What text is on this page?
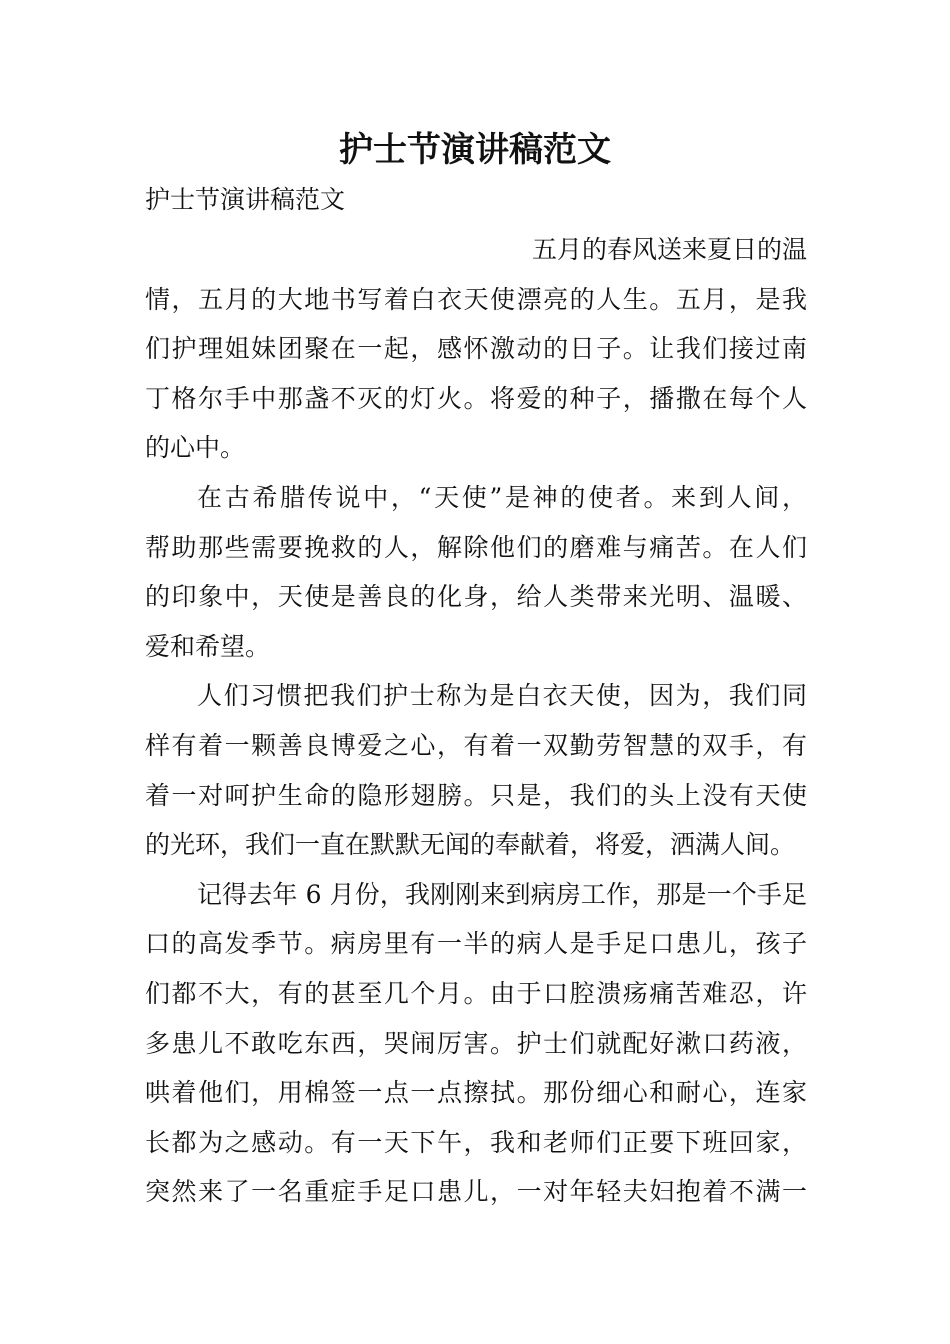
护士节演讲稿范文

护士节演讲稿范文

五月的春风送来夏日的温
情，五月的大地书写着白衣天使漂亮的人生。五月，是我
们护理姐妹团聚在一起，感怀激动的日子。让我们接过南
丁格尔手中那盏不灭的灯火。将爱的种子，播撒在每个人
的心中。
在古希腊传说中，“天使”是神的使者。来到人间，
帮助那些需要挽救的人，解除他们的磨难与痛苦。在人们
的印象中，天使是善良的化身，给人类带来光明、温暖、
爱和希望。
人们习惯把我们护士称为是白衣天使，因为，我们同
样有着一颗善良博爱之心，有着一双勤劳智慧的双手，有
着一对呵护生命的隐形翅膀。只是，我们的头上没有天使
的光环，我们一直在默默无闻的奉献着，将爱，洒满人间。
记得去年 6 月份，我刚刚来到病房工作，那是一个手足
口的高发季节。病房里有一半的病人是手足口患儿，孩子
们都不大，有的甚至几个月。由于口腔溃疡痛苦难忍，许
多患儿不敢吃东西，哭闹厉害。护士们就配好漱口药液，
哄着他们，用棉签一点一点擦拭。那份细心和耐心，连家
长都为之感动。有一天下午，我和老师们正要下班回家，
突然来了一名重症手足口患儿，一对年轻夫妇抱着不满一
